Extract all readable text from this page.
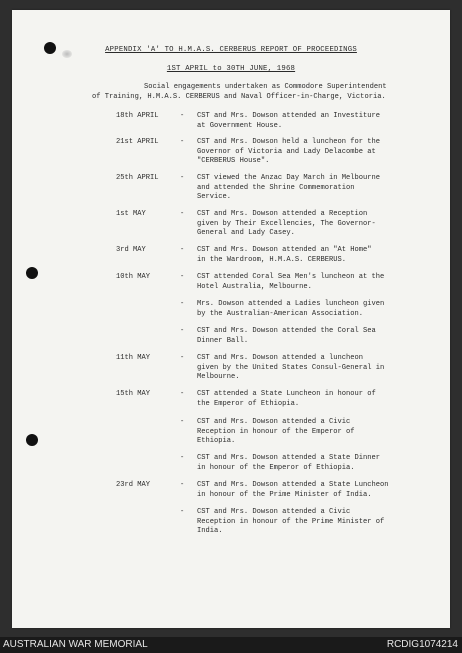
APPENDIX 'A' TO H.M.A.S. CERBERUS REPORT OF PROCEEDINGS
1ST APRIL to 30TH JUNE, 1968
Social engagements undertaken as Commodore Superintendent
of Training, H.M.A.S. CERBERUS and Naval Officer-in-Charge, Victoria.
18th APRIL	- CST and Mrs. Dowson attended an Investiture
at Government House.
21st APRIL	- CST and Mrs. Dowson held a luncheon for the
Governor of Victoria and Lady Delacombe at
"CERBERUS House".
25th APRIL	- CST viewed the Anzac Day March in Melbourne
and attended the Shrine Commemoration
Service.
1st MAY	- CST and Mrs. Dowson attended a Reception
given by Their Excellencies, The Governor-
General and Lady Casey.
3rd MAY	- CST and Mrs. Dowson attended an "At Home"
in the Wardroom, H.M.A.S. CERBERUS.
10th MAY	- CST attended Coral Sea Men's luncheon at the
Hotel Australia, Melbourne.
- Mrs. Dowson attended a Ladies luncheon given
by the Australian-American Association.
- CST and Mrs. Dowson attended the Coral Sea
Dinner Ball.
11th MAY	- CST and Mrs. Dowson attended a luncheon
given by the United States Consul-General in
Melbourne.
15th MAY	- CST attended a State Luncheon in honour of
the Emperor of Ethiopia.
- CST and Mrs. Dowson attended a Civic
Reception in honour of the Emperor of
Ethiopia.
- CST and Mrs. Dowson attended a State Dinner
in honour of the Emperor of Ethiopia.
23rd MAY	- CST and Mrs. Dowson attended a State Luncheon
in honour of the Prime Minister of India.
- CST and Mrs. Dowson attended a Civic
Reception in honour of the Prime Minister of
India.
AUSTRALIAN WAR MEMORIAL	RCDIG1074214
